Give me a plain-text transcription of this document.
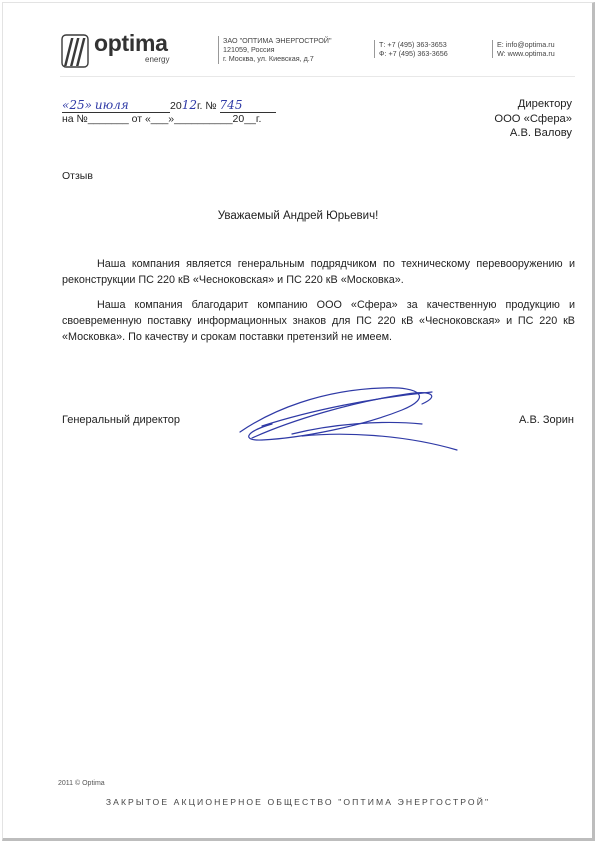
optima
energy
ЗАО "ОПТИМА ЭНЕРГОСТРОЙ"
121059, Россия
г. Москва, ул. Киевская, д.7
Т: +7 (495) 363-3653
Ф: +7 (495) 363-3656
E: info@optima.ru
W: www.optima.ru
«25» июля	2012г. № 745
на №_______ от «___»__________20__г.
Директору
ООО «Сфера»
А.В. Валову
Отзыв
Уважаемый Андрей Юрьевич!

Наша компания является генеральным подрядчиком по техническому перевооружению и реконструкции ПС 220 кВ «Чесноковская» и ПС 220 кВ «Московка».

Наша компания благодарит компанию ООО «Сфера» за качественную продукцию и своевременную поставку информационных знаков для ПС 220 кВ «Чесноковская» и ПС 220 кВ «Московка». По качеству и срокам поставки претензий не имеем.

Генеральный директор	А.В. Зорин
2011 © Optima
ЗАКРЫТОЕ АКЦИОНЕРНОЕ ОБЩЕСТВО "ОПТИМА ЭНЕРГОСТРОЙ"
